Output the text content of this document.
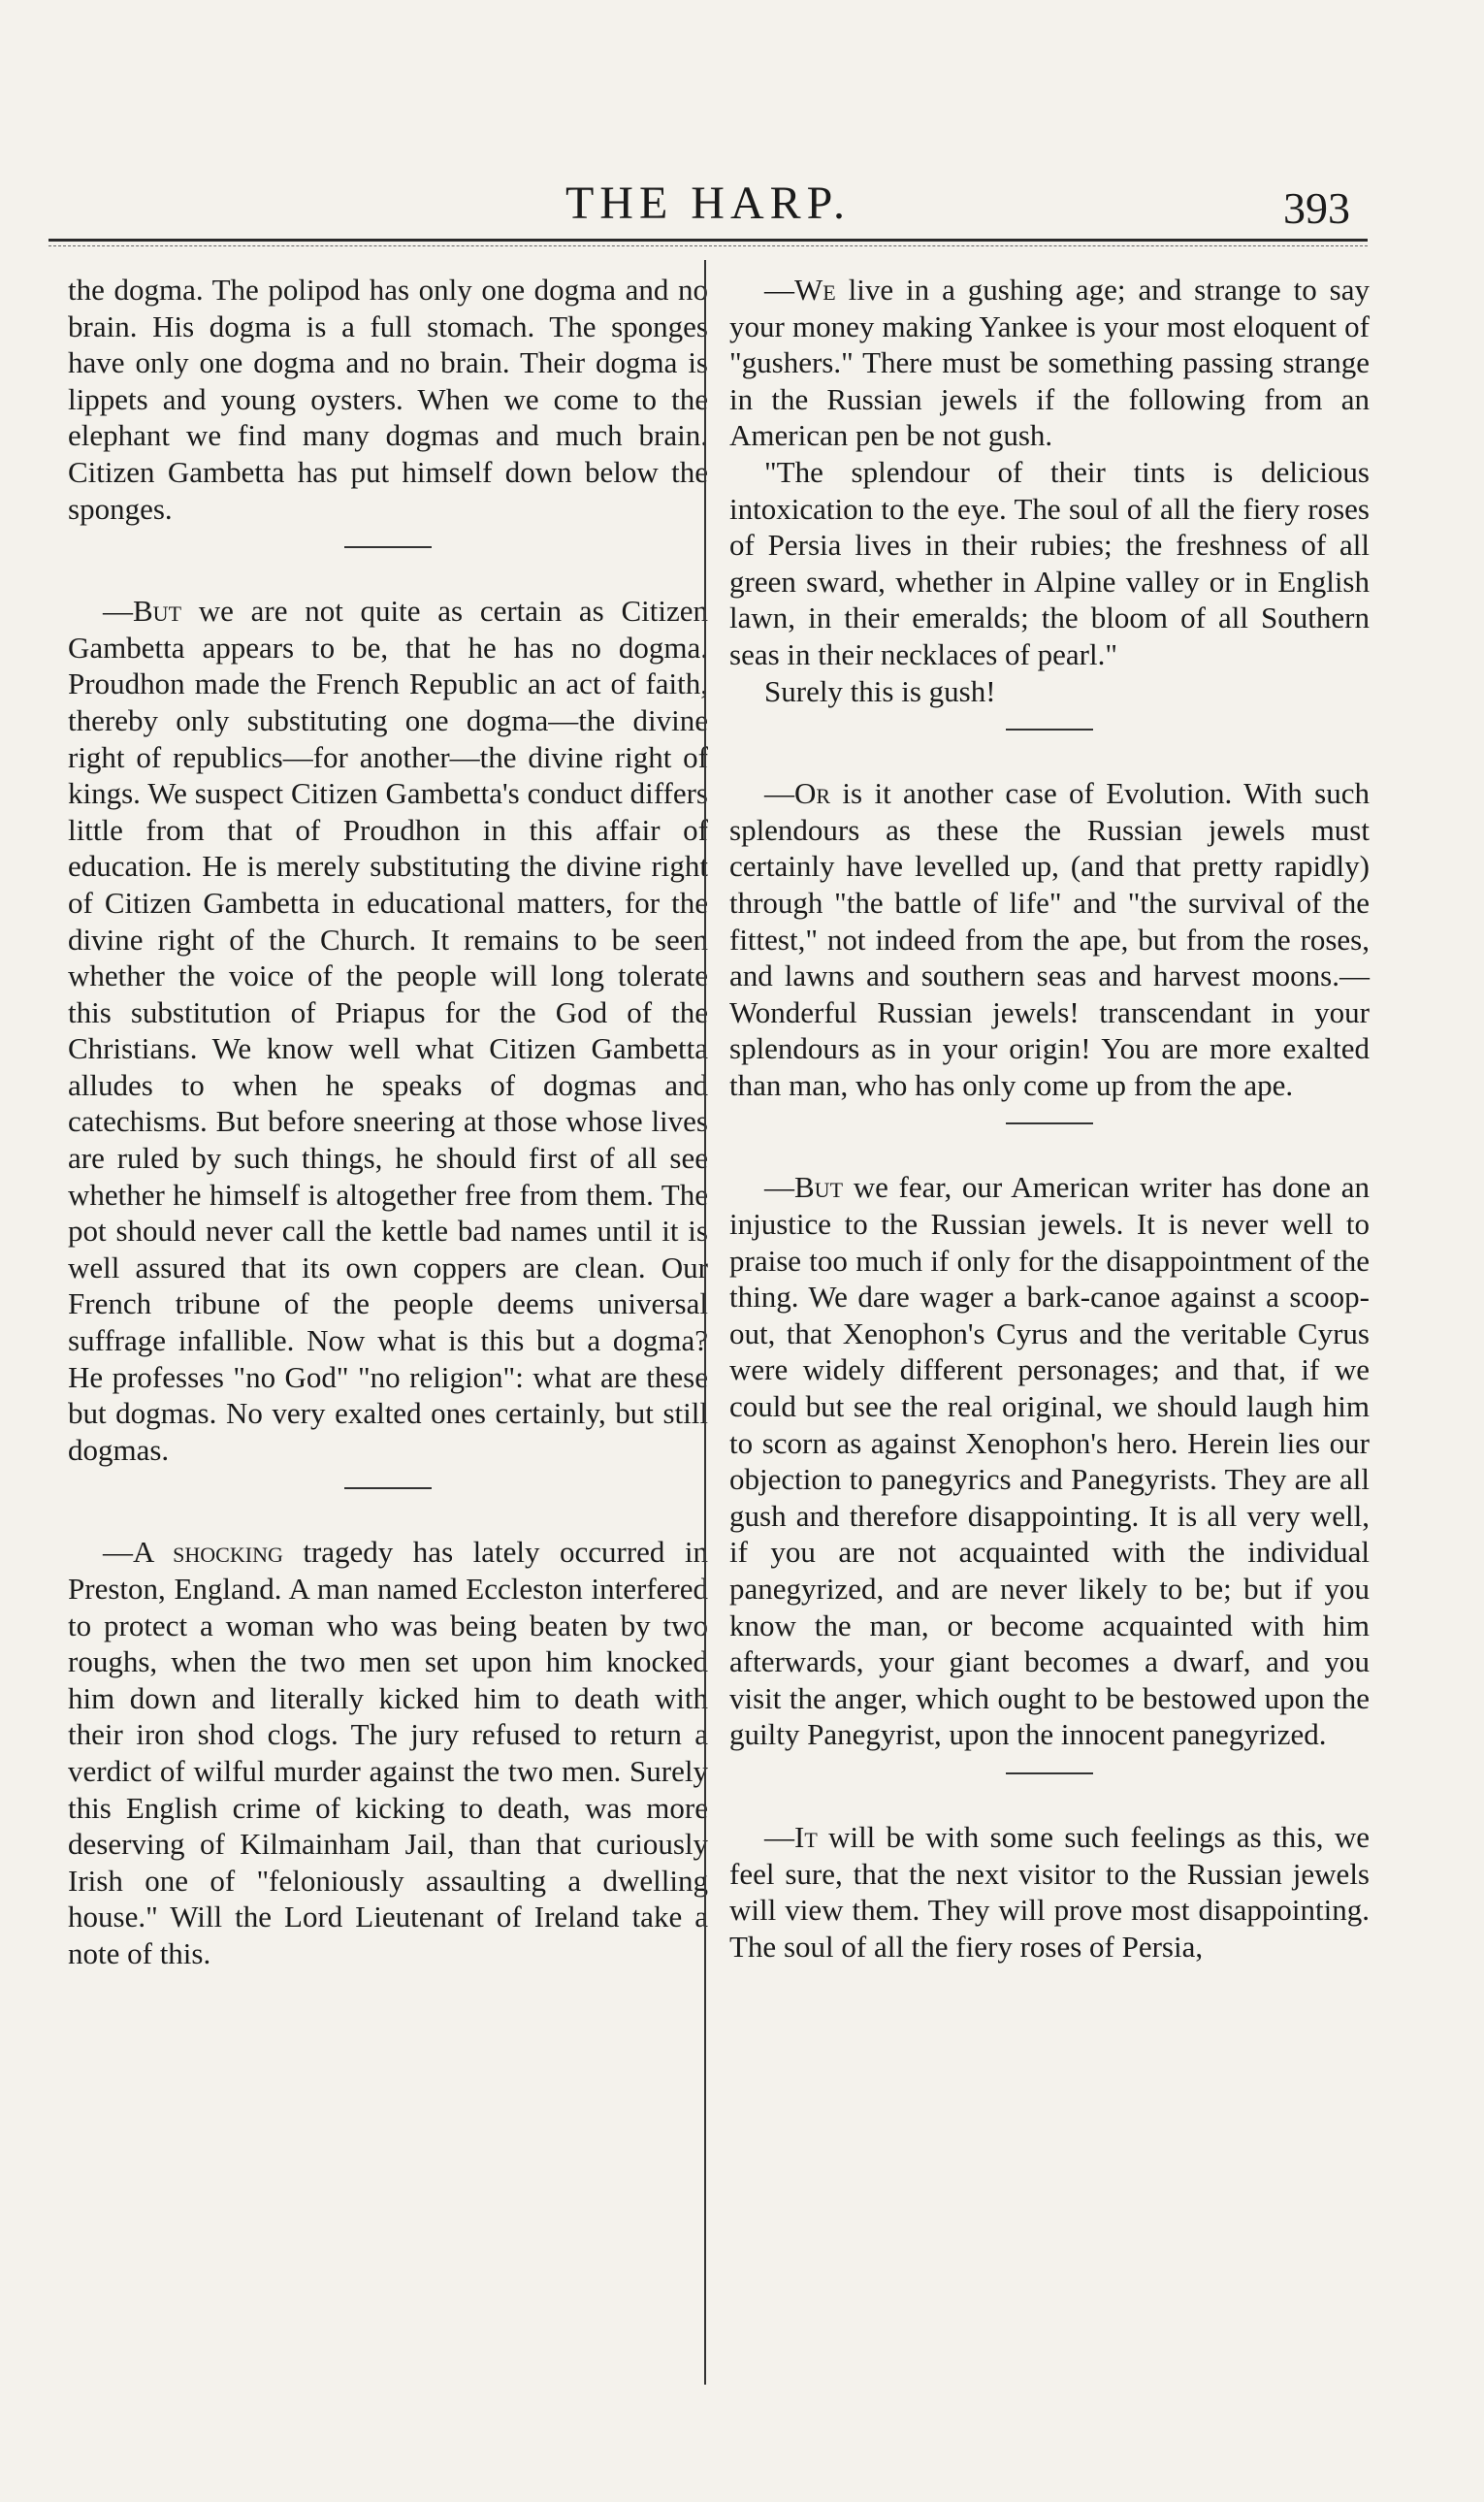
THE HARP.	393

the dogma. The polipod has only one dogma and no brain. His dogma is a full stomach. The sponges have only one dogma and no brain. Their dogma is lippets and young oysters. When we come to the elephant we find many dogmas and much brain. Citizen Gambetta has put himself down below the sponges.

—But we are not quite as certain as Citizen Gambetta appears to be, that he has no dogma. Proudhon made the French Republic an act of faith, thereby only substituting one dogma—the divine right of republics—for another—the divine right of kings. We suspect Citizen Gambetta's conduct differs little from that of Proudhon in this affair of education. He is merely substituting the divine right of Citizen Gambetta in educational matters, for the divine right of the Church. It remains to be seen whether the voice of the people will long tolerate this substitution of Priapus for the God of the Christians. We know well what Citizen Gambetta alludes to when he speaks of dogmas and catechisms. But before sneering at those whose lives are ruled by such things, he should first of all see whether he himself is altogether free from them. The pot should never call the kettle bad names until it is well assured that its own coppers are clean. Our French tribune of the people deems universal suffrage infallible. Now what is this but a dogma? He professes "no God" "no religion": what are these but dogmas. No very exalted ones certainly, but still dogmas.

—A shocking tragedy has lately occurred in Preston, England. A man named Eccleston interfered to protect a woman who was being beaten by two roughs, when the two men set upon him knocked him down and literally kicked him to death with their iron shod clogs. The jury refused to return a verdict of wilful murder against the two men. Surely this English crime of kicking to death, was more deserving of Kilmainham Jail, than that curiously Irish one of "feloniously assaulting a dwelling house." Will the Lord Lieutenant of Ireland take a note of this.

—We live in a gushing age; and strange to say your money making Yankee is your most eloquent of "gushers." There must be something passing strange in the Russian jewels if the following from an American pen be not gush.

"The splendour of their tints is delicious intoxication to the eye. The soul of all the fiery roses of Persia lives in their rubies; the freshness of all green sward, whether in Alpine valley or in English lawn, in their emeralds; the bloom of all Southern seas in their necklaces of pearl."

Surely this is gush!

—Or is it another case of Evolution. With such splendours as these the Russian jewels must certainly have levelled up, (and that pretty rapidly) through "the battle of life" and "the survival of the fittest," not indeed from the ape, but from the roses, and lawns and southern seas and harvest moons.—Wonderful Russian jewels! transcendant in your splendours as in your origin! You are more exalted than man, who has only come up from the ape.

—But we fear, our American writer has done an injustice to the Russian jewels. It is never well to praise too much if only for the disappointment of the thing. We dare wager a bark-canoe against a scoop-out, that Xenophon's Cyrus and the veritable Cyrus were widely different personages; and that, if we could but see the real original, we should laugh him to scorn as against Xenophon's hero. Herein lies our objection to panegyrics and Panegyrists. They are all gush and therefore disappointing. It is all very well, if you are not acquainted with the individual panegyrized, and are never likely to be; but if you know the man, or become acquainted with him afterwards, your giant becomes a dwarf, and you visit the anger, which ought to be bestowed upon the guilty Panegyrist, upon the innocent panegyrized.

—It will be with some such feelings as this, we feel sure, that the next visitor to the Russian jewels will view them. They will prove most disappointing. The soul of all the fiery roses of Persia,
